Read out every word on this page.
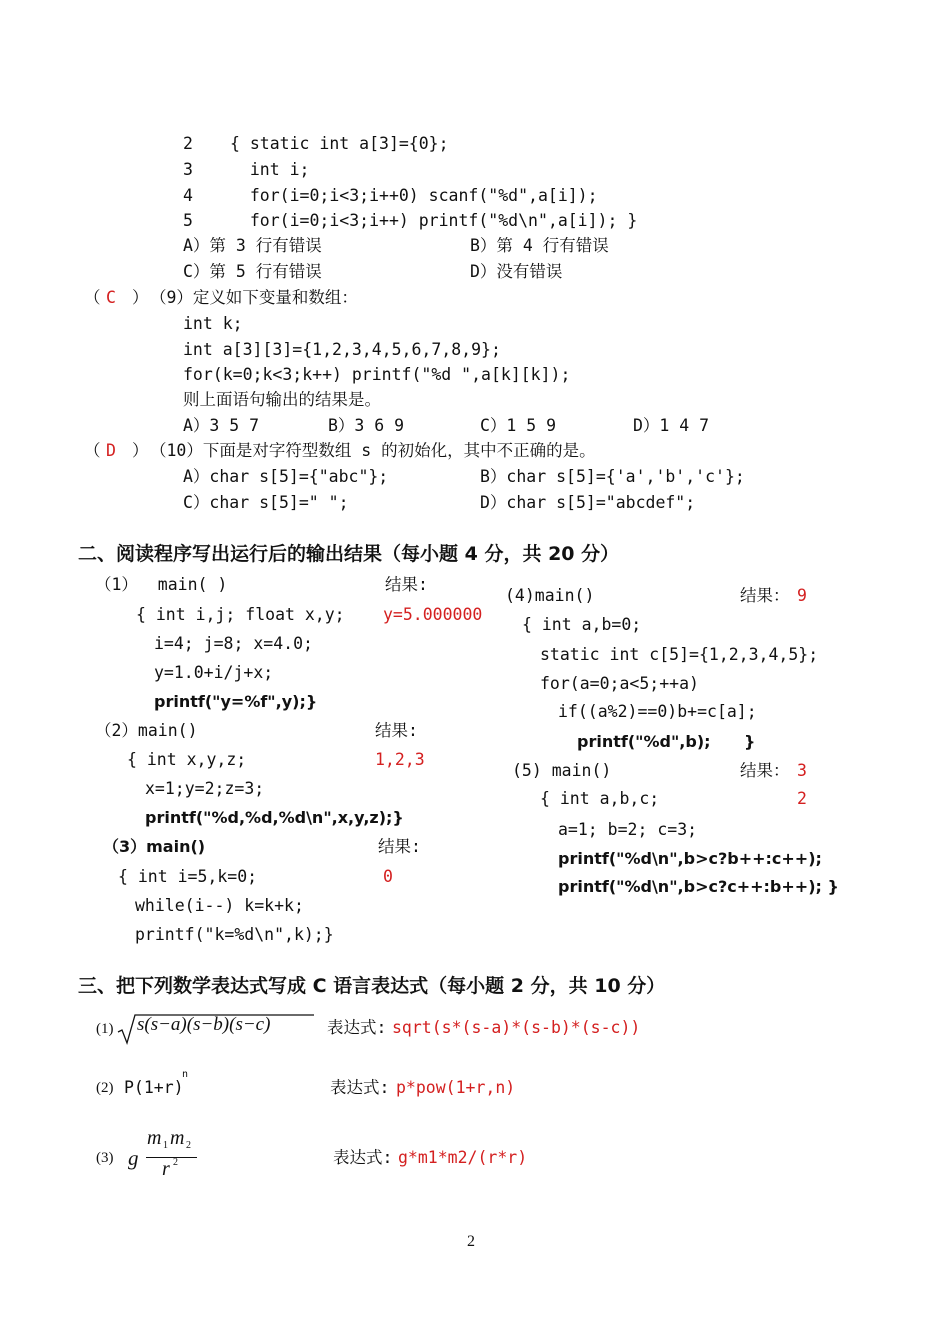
2 { static int a[3]={0};
3 int i;
4 for(i=0;i<3;i++0) scanf("%d",a[i]);
5 for(i=0;i<3;i++) printf("%d\n",a[i]); }
A）第 3 行有错误	B）第 4 行有错误
C）第 5 行有错误	D）没有错误
（ C ） （9）定义如下变量和数组：
int k;
int a[3][3]={1,2,3,4,5,6,7,8,9};
for(k=0;k<3;k++) printf("%d ",a[k][k]);
则上面语句输出的结果是。
A）3 5 7	B）3 6 9	C）1 5 9	D）1 4 7
（ D ） （10）下面是对字符型数组 s 的初始化，其中不正确的是。
A）char s[5]={"abc"};	B）char s[5]={'a','b','c'};
C）char s[5]=" ";	D）char s[5]="abcdef";
二、阅读程序写出运行后的输出结果（每小题 4 分，共 20 分）
（1）  main( )	结果:
{ int i,j; float x,y; y=5.000000
i=4; j=8; x=4.0;
y=1.0+i/j+x;
printf("y=%f",y);}
（2）main()	结果:
{ int x,y,z;	1,2,3
x=1;y=2;z=3;
printf("%d,%d,%d\n",x,y,z);}
（3）main()	结果:
{ int i=5,k=0;	0
while(i--) k=k+k;
printf("k=%d\n",k);}
(4)main()	结果： 9
{ int a,b=0;
static int c[5]={1,2,3,4,5};
for(a=0;a<5;++a)
if((a%2)==0)b+=c[a];
printf("%d",b);      }
(5) main()	结果： 3
{ int a,b,c;	2
a=1; b=2; c=3;
printf("%d\n",b>c?b++:c++);
printf("%d\n",b>c?c++:b++); }
三、把下列数学表达式写成 C 语言表达式（每小题 2 分，共 10 分）
(1) s(s−a)(s−b)(s−c)	表达式: sqrt(s*(s-a)*(s-b)*(s-c))
(2) P(1+r)
n
表达式: p*pow(1+r,n)
(3) g
m 1 m 2
r 2	表达式: g*m1*m2/(r*r)
2
